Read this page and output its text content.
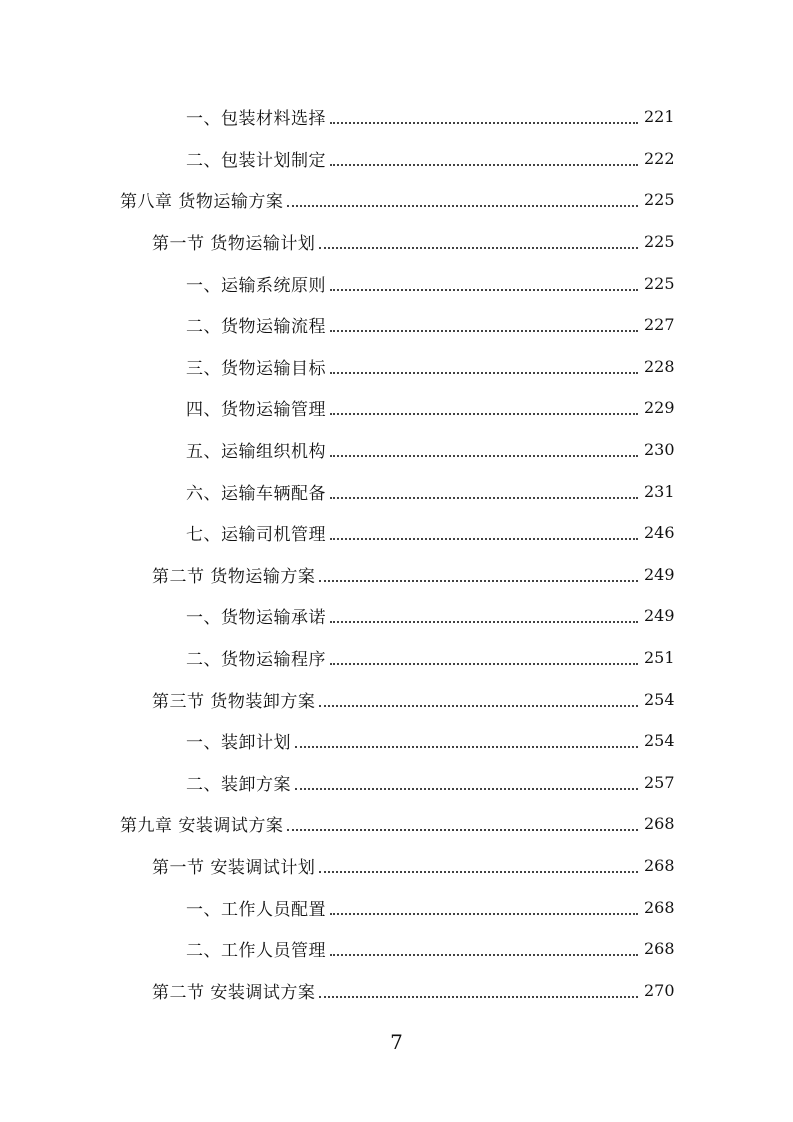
一、包装材料选择	221
二、包装计划制定	222
第八章 货物运输方案	225
第一节 货物运输计划	225
一、运输系统原则	225
二、货物运输流程	227
三、货物运输目标	228
四、货物运输管理	229
五、运输组织机构	230
六、运输车辆配备	231
七、运输司机管理	246
第二节 货物运输方案	249
一、货物运输承诺	249
二、货物运输程序	251
第三节 货物装卸方案	254
一、装卸计划	254
二、装卸方案	257
第九章 安装调试方案	268
第一节 安装调试计划	268
一、工作人员配置	268
二、工作人员管理	268
第二节 安装调试方案	270
7
